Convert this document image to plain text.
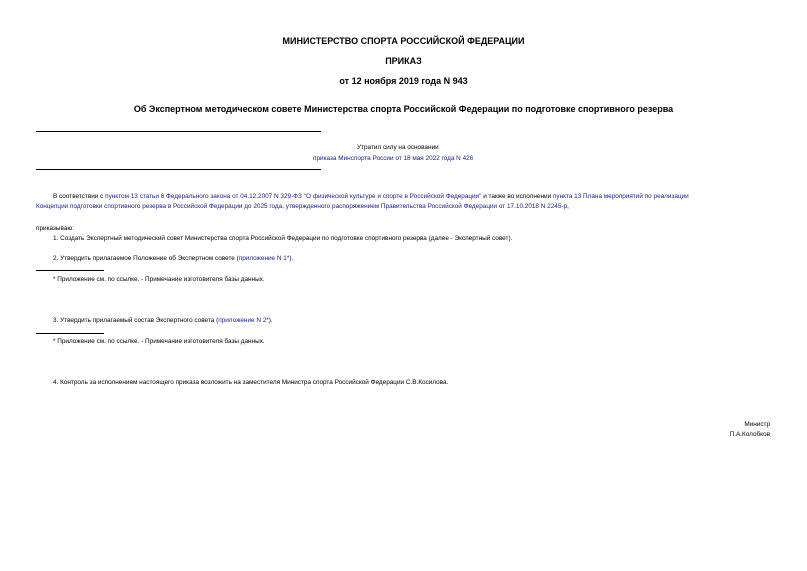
МИНИСТЕРСТВО СПОРТА РОССИЙСКОЙ ФЕДЕРАЦИИ
ПРИКАЗ
от 12 ноября 2019 года N 943
Об Экспертном методическом совете Министерства спорта Российской Федерации по подготовке спортивного резерва
Утратил силу на основании
приказа Минспорта России от 18 мая 2022 года N 426
В соответствии с пунктом 13 статьи 6 Федерального закона от 04.12.2007 N 329-ФЗ "О физической культуре и спорте в Российской Федерации" и также во исполнении пункта 13 Плана мероприятий по реализации
Концепции подготовки спортивного резерва в Российской Федерации до 2025 года, утвержденного распоряжением Правительства Российской Федерации от 17.10.2018 N 2245-р,
приказываю:
1. Создать Экспертный методический совет Министерства спорта Российской Федерации по подготовке спортивного резерва (далее - Экспертный совет).
2. Утвердить прилагаемое Положение об Экспертном совете (приложение N 1*).
* Приложение см. по ссылке. - Примечание изготовителя базы данных.
3. Утвердить прилагаемый состав Экспертного совета (приложение N 2*).
* Приложение см. по ссылке. - Примечание изготовителя базы данных.
4. Контроль за исполнением настоящего приказа возложить на заместителя Министра спорта Российской Федерации С.В.Косилова.
Министр
П.А.Колобков
